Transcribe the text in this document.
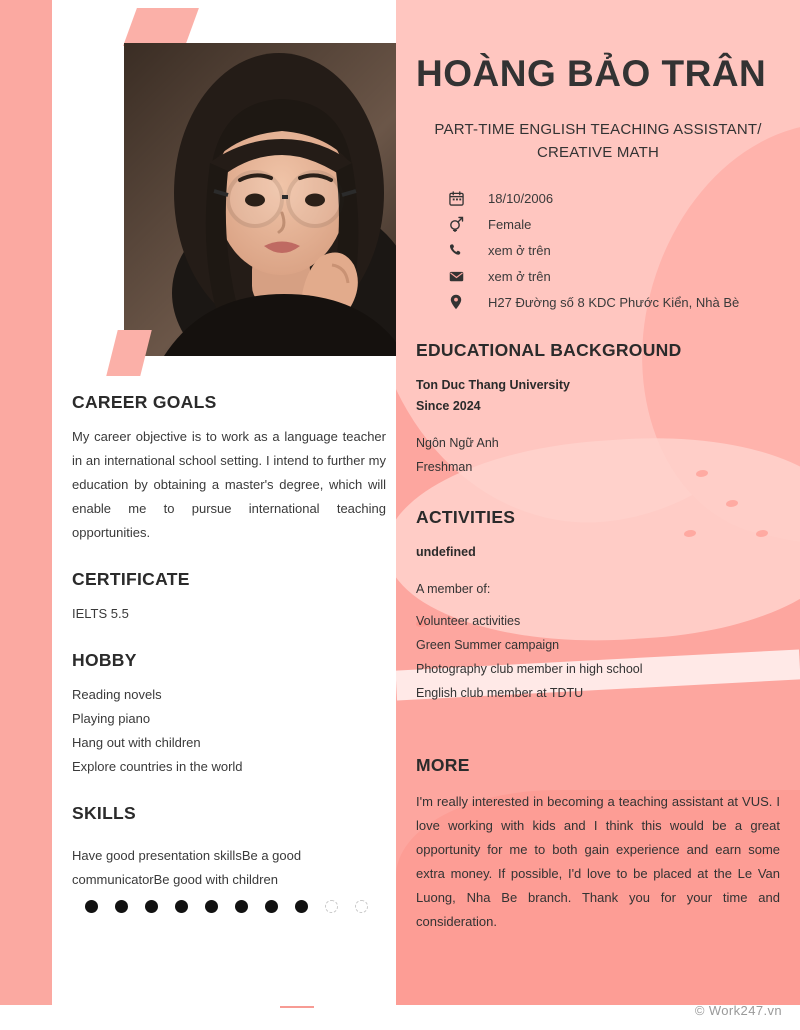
CAREER GOALS

My career objective is to work as a language teacher in an international school setting. I intend to further my education by obtaining a master's degree, which will enable me to pursue international teaching opportunities.

CERTIFICATE

IELTS 5.5

HOBBY

Reading novels

Playing piano

Hang out with children

Explore countries in the world

SKILLS

Have good presentation skillsBe a good communicatorBe good with children

HOÀNG BẢO TRÂN

PART-TIME ENGLISH TEACHING ASSISTANT/ CREATIVE MATH

18/10/2006
Female
xem ở trên
xem ở trên
H27 Đường số 8 KDC Phước Kiển, Nhà Bè
EDUCATIONAL BACKGROUND

Ton Duc Thang University

Since 2024

Ngôn Ngữ Anh

Freshman

ACTIVITIES

undefined

A member of:

Volunteer activities

Green Summer campaign

Photography club member in high school

English club member at TDTU

MORE

I'm really interested in becoming a teaching assistant at VUS. I love working with kids and I think this would be a great opportunity for me to both gain experience and earn some extra money. If possible, I'd love to be placed at the Le Van Luong, Nha Be branch. Thank you for your time and consideration.

© Work247.vn
